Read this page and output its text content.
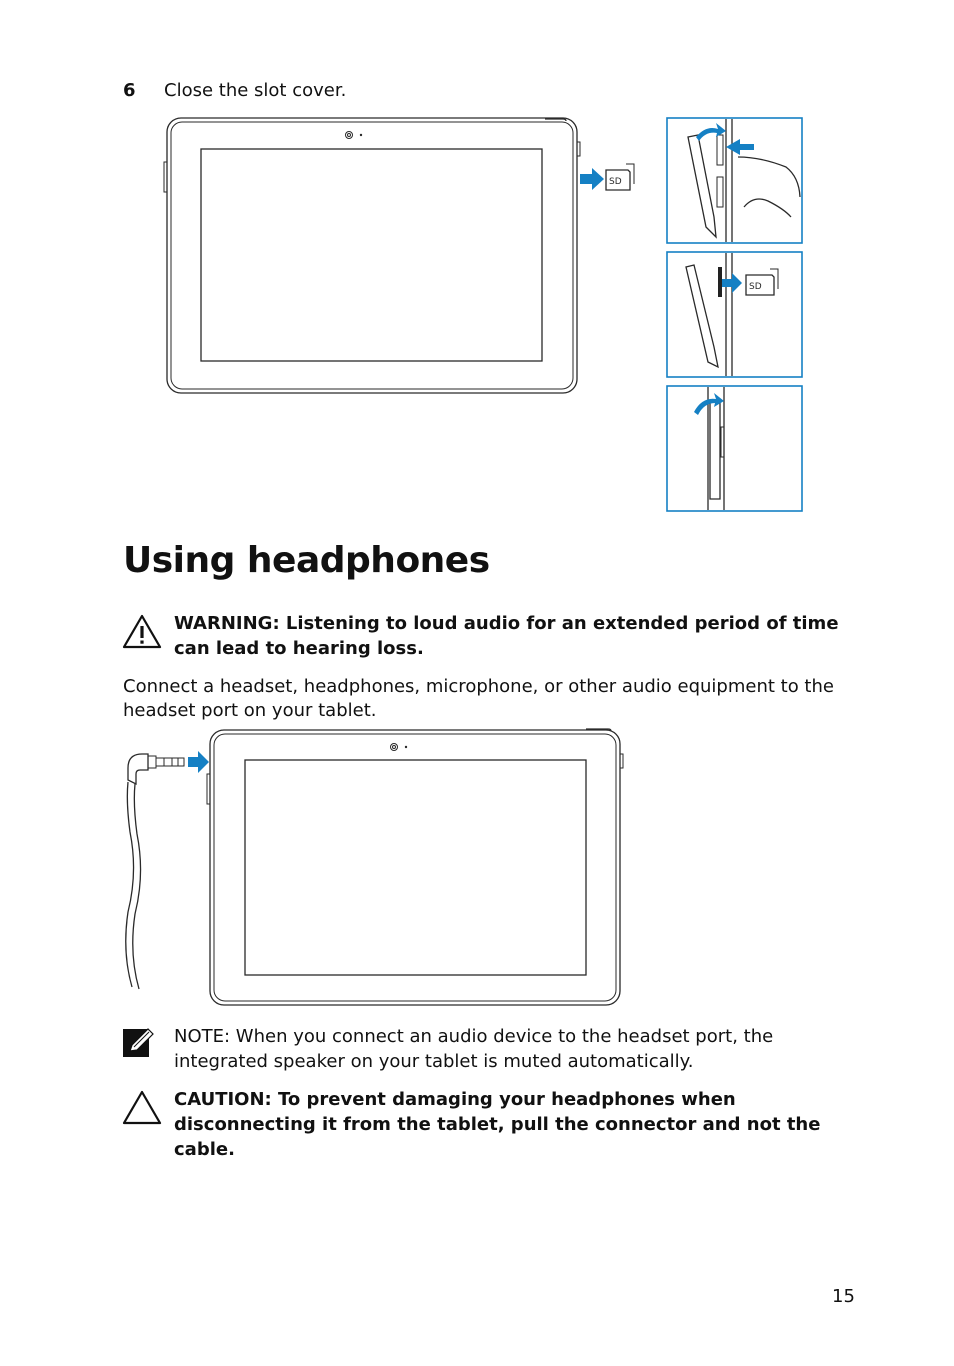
6 Close the slot cover.
SD
SD
Using headphones
WARNING: Listening to loud audio for an extended period of time can lead to hearing loss.
Connect a headset, headphones, microphone, or other audio equipment to the headset port on your tablet.
NOTE: When you connect an audio device to the headset port, the integrated speaker on your tablet is muted automatically.
CAUTION: To prevent damaging your headphones when disconnecting it from the tablet, pull the connector and not the cable.
15
